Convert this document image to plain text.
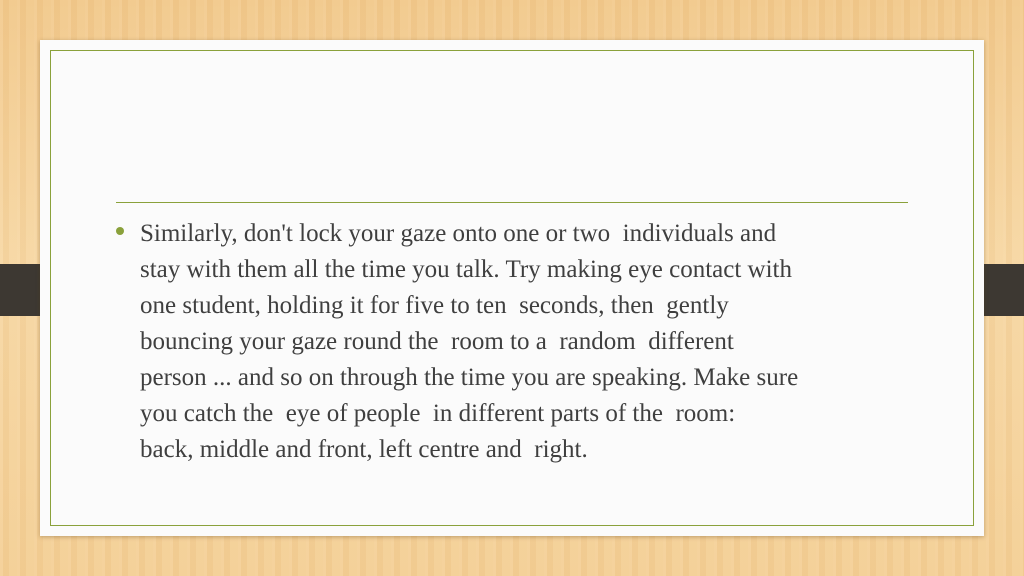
Similarly, don't lock your gaze onto one or two  individuals and
stay with them all the time you talk. Try making eye contact with
one student, holding it for five to ten  seconds, then  gently
bouncing your gaze round the  room to a  random  different
person ... and so on through the time you are speaking. Make sure
you catch the  eye of people  in different parts of the  room:
back, middle and front, left centre and  right.
